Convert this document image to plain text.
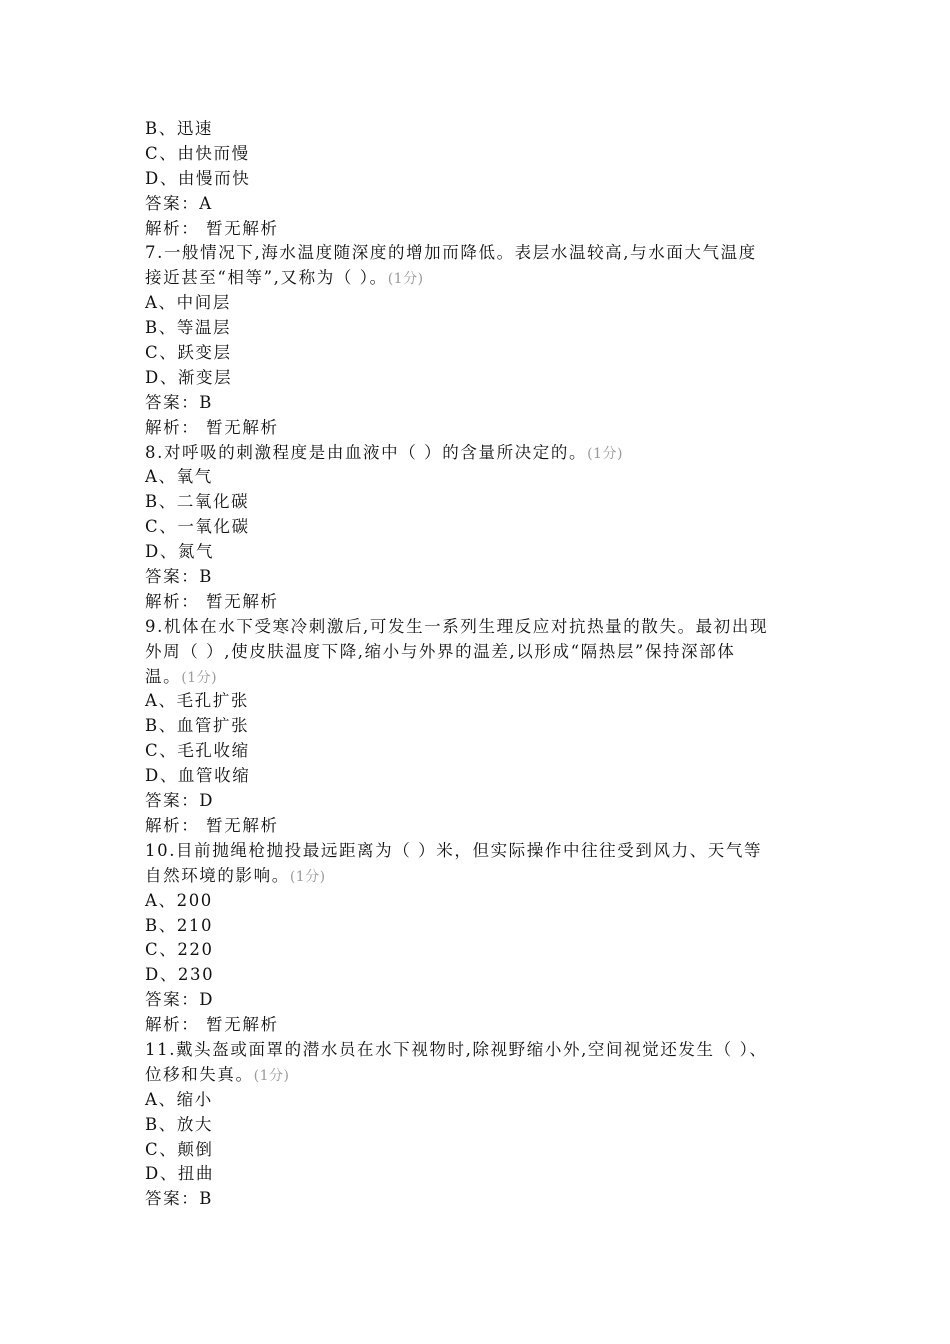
B、迅速
C、由快而慢
D、由慢而快
答案：A
解析： 暂无解析
7.一般情况下,海水温度随深度的增加而降低。表层水温较高,与水面大气温度
接近甚至“相等”,又称为（ ）。(1分)
A、中间层
B、等温层
C、跃变层
D、渐变层
答案：B
解析： 暂无解析
8.对呼吸的刺激程度是由血液中（ ）的含量所决定的。(1分)
A、氧气
B、二氧化碳
C、一氧化碳
D、氮气
答案：B
解析： 暂无解析
9.机体在水下受寒冷刺激后,可发生一系列生理反应对抗热量的散失。最初出现
外周（ ）,使皮肤温度下降,缩小与外界的温差,以形成“隔热层”保持深部体
温。(1分)
A、毛孔扩张
B、血管扩张
C、毛孔收缩
D、血管收缩
答案：D
解析： 暂无解析
10.目前抛绳枪抛投最远距离为（ ）米，但实际操作中往往受到风力、天气等
自然环境的影响。(1分)
A、200
B、210
C、220
D、230
答案：D
解析： 暂无解析
11.戴头盔或面罩的潜水员在水下视物时,除视野缩小外,空间视觉还发生（ ）、
位移和失真。(1分)
A、缩小
B、放大
C、颠倒
D、扭曲
答案：B
